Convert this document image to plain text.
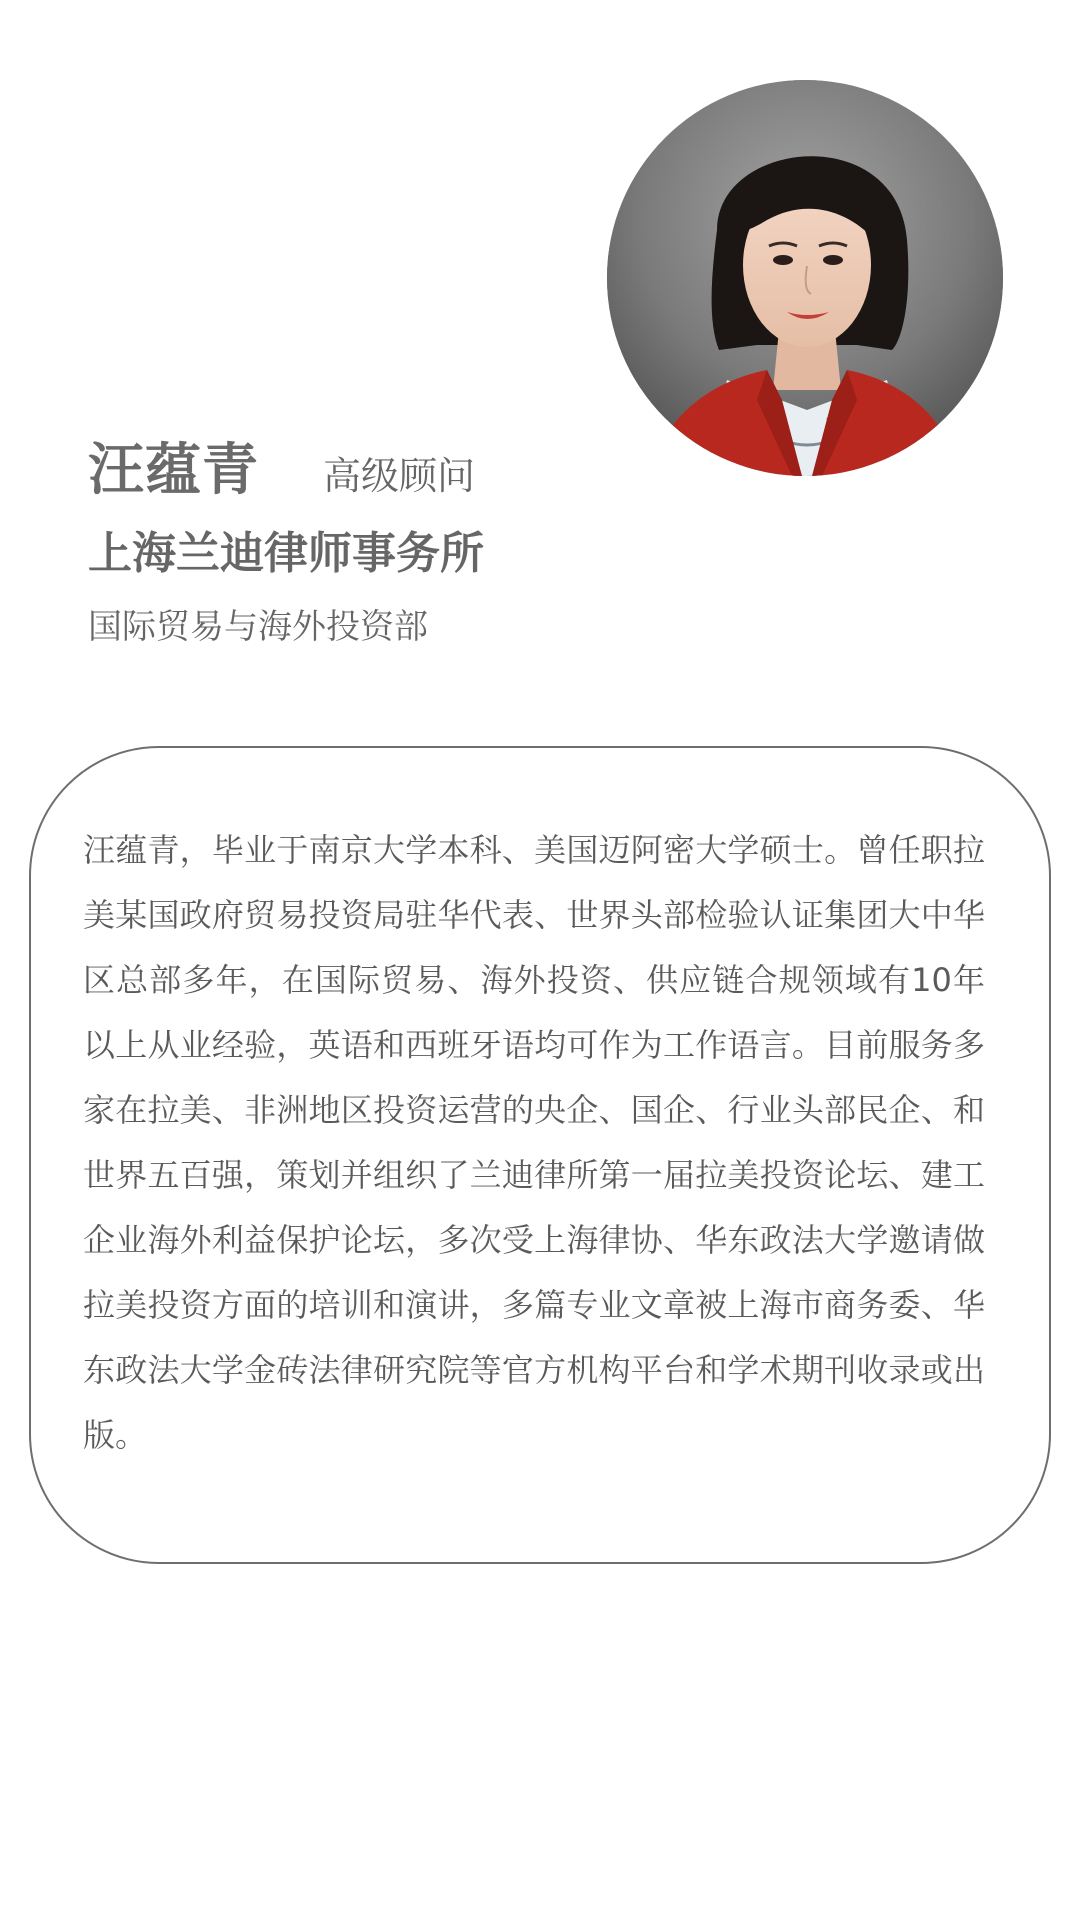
汪蕴青 高级顾问
上海兰迪律师事务所
国际贸易与海外投资部

汪蕴青，毕业于南京大学本科、美国迈阿密大学硕士。曾任职拉美某国政府贸易投资局驻华代表、世界头部检验认证集团大中华区总部多年，在国际贸易、海外投资、供应链合规领域有10年以上从业经验，英语和西班牙语均可作为工作语言。目前服务多家在拉美、非洲地区投资运营的央企、国企、行业头部民企、和世界五百强，策划并组织了兰迪律所第一届拉美投资论坛、建工企业海外利益保护论坛，多次受上海律协、华东政法大学邀请做拉美投资方面的培训和演讲，多篇专业文章被上海市商务委、华东政法大学金砖法律研究院等官方机构平台和学术期刊收录或出版。
